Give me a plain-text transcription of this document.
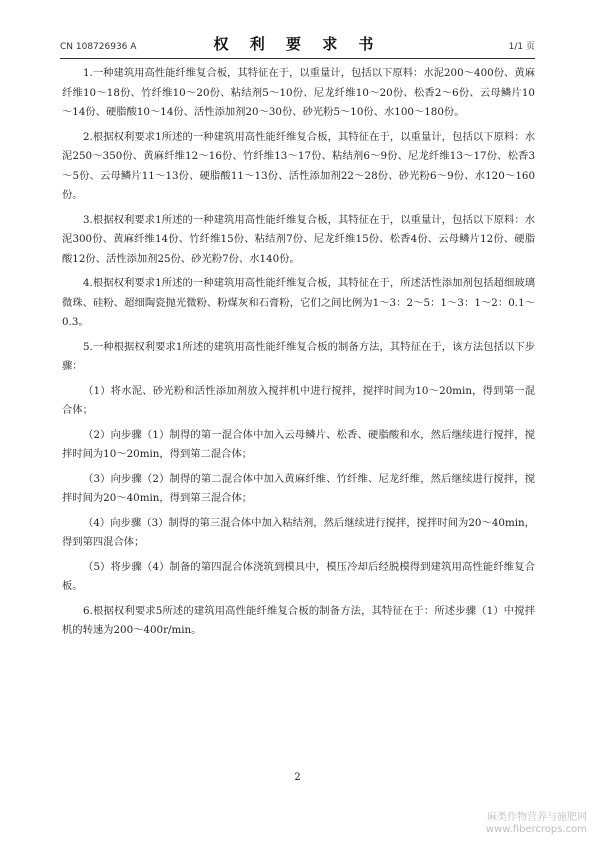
CN 108726936 A	权 利 要 求 书	1/1 页

1.一种建筑用高性能纤维复合板，其特征在于，以重量计，包括以下原料：水泥200～400份、黄麻纤维10～18份、竹纤维10～20份、粘结剂5～10份、尼龙纤维10～20份、松香2～6份、云母鳞片10～14份、硬脂酸10～14份、活性添加剂20～30份、砂光粉5～10份、水100～180份。

2.根据权利要求1所述的一种建筑用高性能纤维复合板，其特征在于，以重量计，包括以下原料：水泥250～350份、黄麻纤维12～16份、竹纤维13～17份、粘结剂6～9份、尼龙纤维13～17份、松香3～5份、云母鳞片11～13份、硬脂酸11～13份、活性添加剂22～28份、砂光粉6～9份、水120～160份。

3.根据权利要求1所述的一种建筑用高性能纤维复合板，其特征在于，以重量计，包括以下原料：水泥300份、黄麻纤维14份、竹纤维15份、粘结剂7份、尼龙纤维15份、松香4份、云母鳞片12份、硬脂酸12份、活性添加剂25份、砂光粉7份、水140份。

4.根据权利要求1所述的一种建筑用高性能纤维复合板，其特征在于，所述活性添加剂包括超细玻璃微珠、硅粉、超细陶瓷抛光微粉、粉煤灰和石膏粉，它们之间比例为1～3：2～5：1～3：1～2：0.1～0.3。

5.一种根据权利要求1所述的建筑用高性能纤维复合板的制备方法，其特征在于，该方法包括以下步骤：

（1）将水泥、砂光粉和活性添加剂放入搅拌机中进行搅拌，搅拌时间为10～20min，得到第一混合体；

（2）向步骤（1）制得的第一混合体中加入云母鳞片、松香、硬脂酸和水，然后继续进行搅拌，搅拌时间为10～20min，得到第二混合体；

（3）向步骤（2）制得的第二混合体中加入黄麻纤维、竹纤维、尼龙纤维，然后继续进行搅拌，搅拌时间为20～40min，得到第三混合体；

（4）向步骤（3）制得的第三混合体中加入粘结剂，然后继续进行搅拌，搅拌时间为20～40min，得到第四混合体；

（5）将步骤（4）制备的第四混合体浇筑到模具中，模压冷却后经脱模得到建筑用高性能纤维复合板。

6.根据权利要求5所述的建筑用高性能纤维复合板的制备方法，其特征在于：所述步骤（1）中搅拌机的转速为200～400r/min。

2
麻类作物营养与施肥网
www.fibercrops.com
